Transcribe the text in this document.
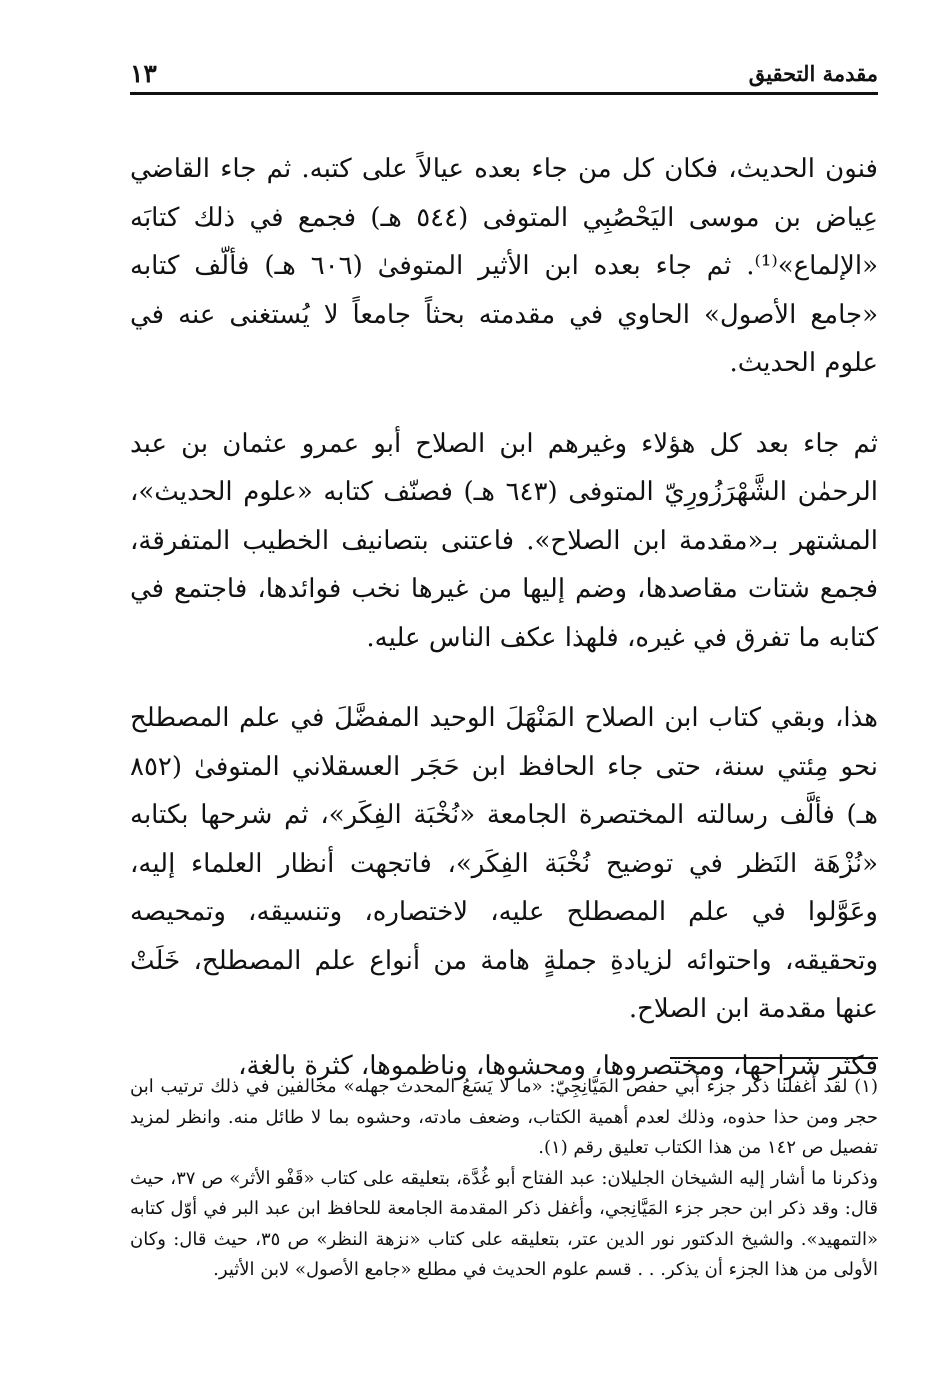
مقدمة التحقيق
١٣

فنون الحديث، فكان كل من جاء بعده عيالاً على كتبه. ثم جاء القاضي عِياض بن موسى اليَحْصُبِي المتوفى (٥٤٤ هـ) فجمع في ذلك كتابَه «الإلماع»⁽¹⁾. ثم جاء بعده ابن الأثير المتوفىٰ (٦٠٦ هـ) فألّف كتابه «جامع الأصول» الحاوي في مقدمته بحثاً جامعاً لا يُستغنى عنه في علوم الحديث.

ثم جاء بعد كل هؤلاء وغيرهم ابن الصلاح أبو عمرو عثمان بن عبد الرحمٰن الشَّهْرَزُورِيّ المتوفى (٦٤٣ هـ) فصنّف كتابه «علوم الحديث»، المشتهر بـ«مقدمة ابن الصلاح». فاعتنى بتصانيف الخطيب المتفرقة، فجمع شتات مقاصدها، وضم إليها من غيرها نخب فوائدها، فاجتمع في كتابه ما تفرق في غيره، فلهذا عكف الناس عليه.

هذا، وبقي كتاب ابن الصلاح المَنْهَلَ الوحيد المفضَّلَ في علم المصطلح نحو مِئتي سنة، حتى جاء الحافظ ابن حَجَر العسقلاني المتوفىٰ (٨٥٢ هـ) فألَّف رسالته المختصرة الجامعة «نُخْبَة الفِكَر»، ثم شرحها بكتابه «نُزْهَة النَظر في توضيح نُخْبَة الفِكَر»، فاتجهت أنظار العلماء إليه، وعَوَّلوا في علم المصطلح عليه، لاختصاره، وتنسيقه، وتمحيصه وتحقيقه، واحتوائه لزيادةِ جملةٍ هامة من أنواع علم المصطلح، خَلَتْ عنها مقدمة ابن الصلاح.

فكثر شراحها، ومختصروها، ومحشوها، وناظموها، كثرة بالغة،

(١) لقد أغفلنا ذكر جزء أبي حفص المَيَّانِجِيّ: «ما لا يَسَعُ المحدث جهله» مخالفين في ذلك ترتيب ابن حجر ومن حذا حذوه، وذلك لعدم أهمية الكتاب، وضعف مادته، وحشوه بما لا طائل منه. وانظر لمزيد تفصيل ص ١٤٢ من هذا الكتاب تعليق رقم (١).

وذكرنا ما أشار إليه الشيخان الجليلان: عبد الفتاح أبو غُدَّة، بتعليقه على كتاب «قَفْو الأثر» ص ٣٧، حيث قال: وقد ذكر ابن حجر جزء المَيَّانِجي، وأغفل ذكر المقدمة الجامعة للحافظ ابن عبد البر في أوّل كتابه «التمهيد». والشيخ الدكتور نور الدين عتر، بتعليقه على كتاب «نزهة النظر» ص ٣٥، حيث قال: وكان الأولى من هذا الجزء أن يذكر. . . قسم علوم الحديث في مطلع «جامع الأصول» لابن الأثير.
